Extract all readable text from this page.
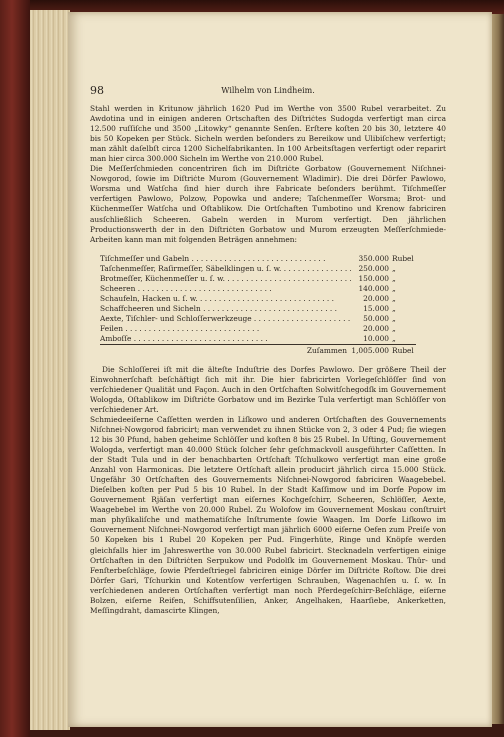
98	Wilhelm von Lindheim.

Stahl werden in Kritunow jährlich 1620 Pud im Werthe von 3500 Rubel verarbeitet. Zu Awdotina und in einigen anderen Ortschaften des Diſtriċtes Sudogda verfertigt man circa 12.500 ruſſiſche und 3500 „Litowky“ genannte Senſen. Erſtere koſten 20 bis 30, letztere 40 bis 50 Kopeken per Stück. Sicheln werden beſonders zu Bereikow und Ulibiſchew verfertigt; man zählt daſelbſt circa 1200 Sichelfabrikanten. In 100 Arbeitsſtagen verfertigt oder reparirt man hier circa 300.000 Sicheln im Werthe von 210.000 Rubel.

Die Meſſerſchmieden concentriren ſich im Diſtriċte Gorbatow (Gouvernement Niſchnei-Nowgorod, ſowie im Diſtriċte Murom (Gouvernement Wladimir). Die drei Dörfer Pawlowo, Worsma und Watſcha ſind hier durch ihre Fabricate beſonders berühmt. Tiſchmeſſer verfertigen Pawlowo, Polzow, Popowka und andere; Taſchenmeſſer Worsma; Brot- und Küchenmeſſer Watſcha und Oſtablikow. Die Ortſchaften Tumbotino und Krenow fabriciren ausſchließlich Scheeren. Gabeln werden in Murom verfertigt. Den jährlichen Productionswerth der in den Diſtriċten Gorbatow und Murom erzeugten Meſſerſchmiede-Arbeiten kann man mit folgenden Beträgen annehmen:

Tiſchmeſſer und Gabeln . . .	350.000 Rubel
Taſchenmeſſer, Raſirmeſſer, Säbelklingen u. ſ. w. . . .	250.000 „
Brotmeſſer, Küchenmeſſer u. ſ. w. . . .	150.000 „
Scheeren . . .	140.000 „
Schaufeln, Hacken u. ſ. w. . . .	20.000 „
Schaffcheeren und Sicheln . . .	15.000 „
Aexte, Tiſchler- und Schloſſerwerkzeuge . . .	50.000 „
Feilen . . .	20.000 „
Amboſſe . . .	10.000 „
Zuſammen 1,005.000 Rubel

Die Schloſſerei iſt mit die älteſte Induſtrie des Dorfes Pawlowo. Der größere Theil der Einwohnerſchaft beſchäftigt ſich mit ihr. Die hier fabricirten Vorlegeſchlöſſer ſind von verſchiedener Qualität und Façon. Auch in den Ortſchaften Solwitſchegodſk im Gouvernement Wologda, Oſtablikow im Diſtriċte Gorbatow und im Bezirke Tula verfertigt man Schlöſſer von verſchiedener Art.

Schmiedeeiſerne Caſſetten werden in Liſkowo und anderen Ortſchaften des Gouvernements Niſchnei-Nowgorod fabricirt; man verwendet zu ihnen Stücke von 2, 3 oder 4 Pud; ſie wiegen 12 bis 30 Pfund, haben geheime Schlöſſer und koſten 8 bis 25 Rubel. In Ufting, Gouvernement Wologda, verfertigt man 40.000 Stück ſolcher ſehr geſchmackvoll ausgeführter Caſſetten. In der Stadt Tula und in der benachbarten Ortſchaft Tſchulkowo verfertigt man eine große Anzahl von Harmonicas. Die letztere Ortſchaft allein producirt jährlich circa 15.000 Stück. Ungefähr 30 Ortſchaften des Gouvernements Niſchnei-Nowgorod fabriciren Waagebebel. Dieſelben koſten per Pud 5 bis 10 Rubel. In der Stadt Kaſſimow und im Dorfe Popow im Gouvernement Rjäſan verfertigt man eiſernes Kochgeſchirr, Scheeren, Schlöſſer, Aexte, Waagebebel im Werthe von 20.000 Rubel. Zu Wolofow im Gouvernement Moskau conſtruirt man phyſikaliſche und mathematiſche Inſtrumente ſowie Waagen. Im Dorfe Liſkowo im Gouvernement Niſchnei-Nowgorod verfertigt man jährlich 6000 eiſerne Oefen zum Preiſe von 50 Kopeken bis 1 Rubel 20 Kopeken per Pud. Fingerhüte, Ringe und Knöpfe werden gleichfalls hier im Jahreswerthe von 30.000 Rubel fabricirt. Stecknadeln verfertigen einige Ortſchaften in den Diſtriċten Serpukow und Podolſk im Gouvernement Moskau. Thür- und Fenſterbeſchläge, ſowie Pferdeſtriegel fabriciren einige Dörfer im Diſtriċte Roſtow. Die drei Dörfer Gari, Tſchurkin und Kotentſow verfertigen Schrauben, Wagenachſen u. ſ. w. In verſchiedenen anderen Ortſchaften verfertigt man noch Pferdegeſchirr-Beſchläge, eiſerne Bolzen, eiſerne Reifen, Schiffsutenſilien, Anker, Angelhaken, Haarſiebe, Ankerketten, Meſſingdraht, damascirte Klingen,
